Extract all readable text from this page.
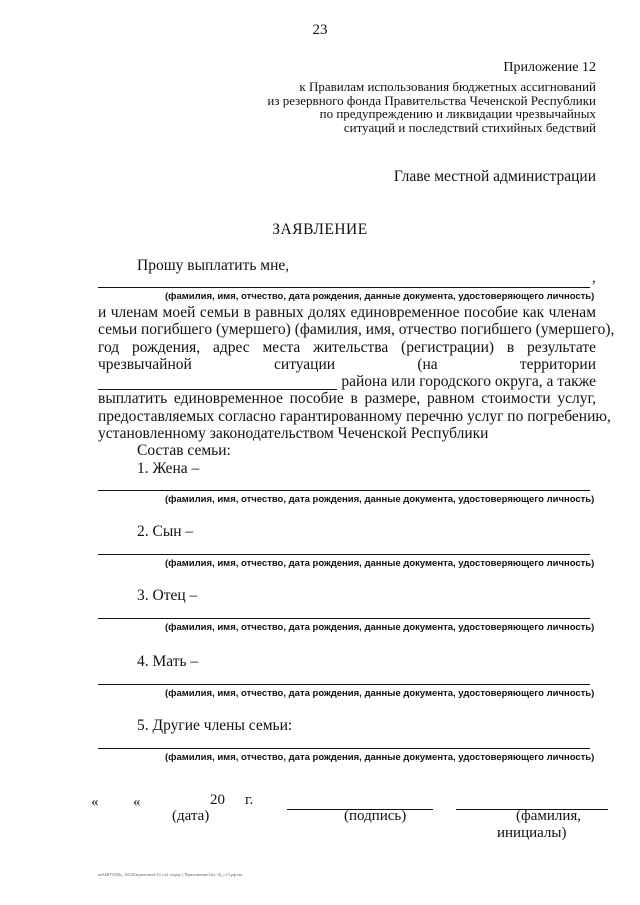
23
Приложение 12
к Правилам использования бюджетных ассигнований
из резервного фонда Правительства Чеченской Республики
по предупреждению и ликвидации чрезвычайных
ситуаций и последствий стихийных бедствий
Главе местной администрации
ЗАЯВЛЕНИЕ
Прошу выплатить мне,
,
(фамилия, имя, отчество, дата рождения, данные документа, удостоверяющего личность)
и членам моей семьи в равных долях единовременное пособие как членам
семьи погибшего (умершего) (фамилия, имя, отчество погибшего (умершего),
год рождения, адрес места жительства (регистрации) в результате
чрезвычайной	ситуации	(на	территории
района или городского округа, а также
выплатить единовременное пособие в размере, равном стоимости услуг,
предоставляемых согласно гарантированному перечню услуг по погребению,
установленному законодательством Чеченской Республики
Состав семьи:
1. Жена –
(фамилия, имя, отчество, дата рождения, данные документа, удостоверяющего личность)
2. Сын –
(фамилия, имя, отчество, дата рождения, данные документа, удостоверяющего личность)
3. Отец –
(фамилия, имя, отчество, дата рождения, данные документа, удостоверяющего личность)
4. Мать –
(фамилия, имя, отчество, дата рождения, данные документа, удостоверяющего личность)
5. Другие члены семьи:
(фамилия, имя, отчество, дата рождения, данные документа, удостоверяющего личность)
« «	20 г.
(дата)	(подпись)	(фамилия,
инициалы)
ваб4КУОД0х_2023Бюджетны4-01 (ч2 подпр.) Приложение12(с-4)_с15.рф.еш
